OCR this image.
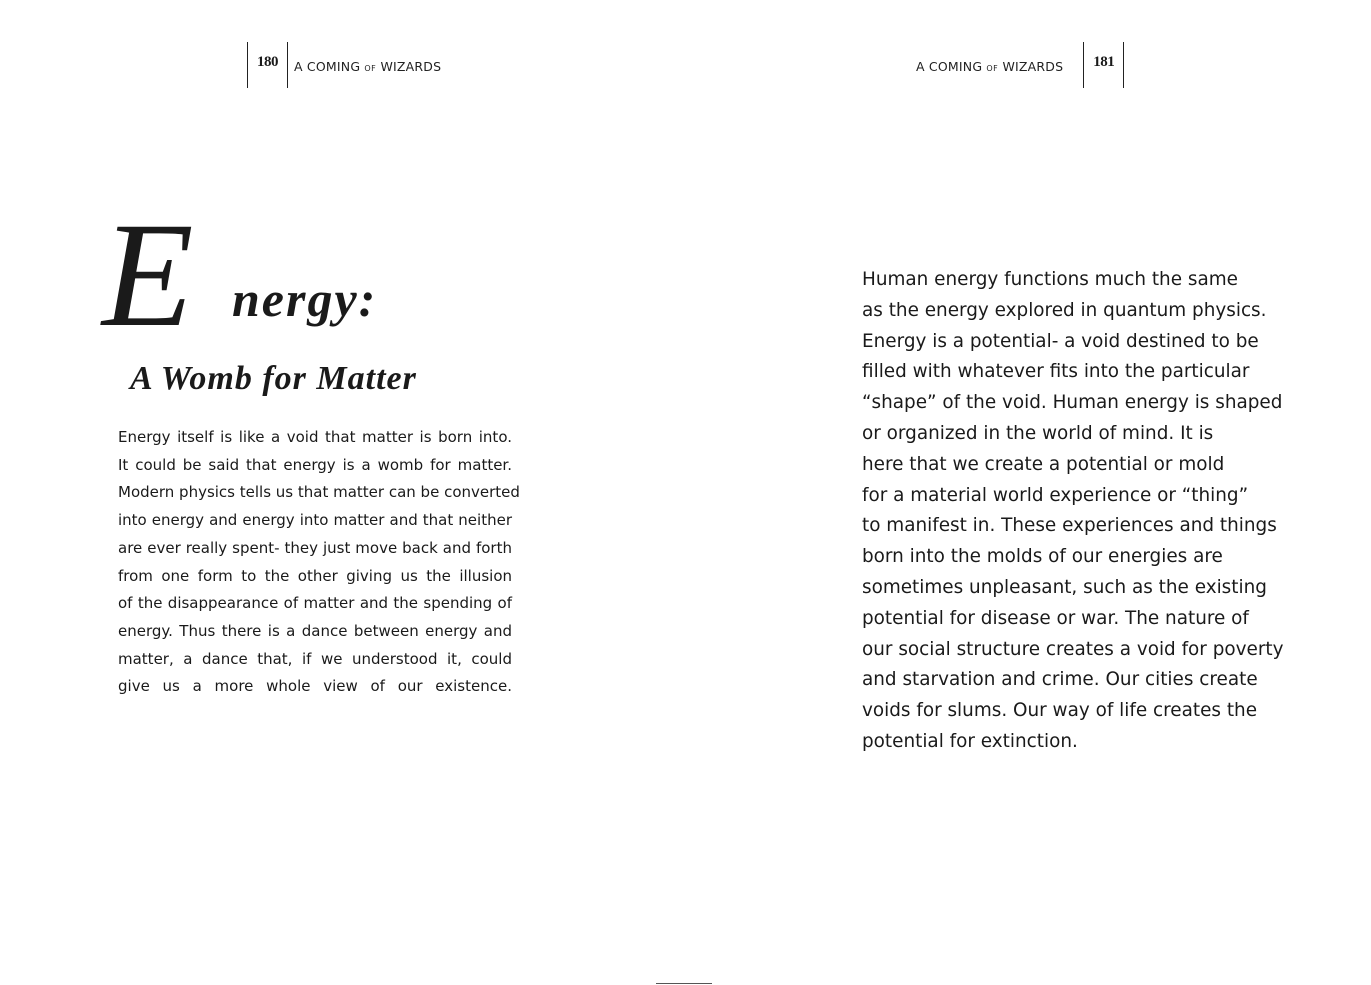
180	A COMING OF WIZARDS
E nergy:
A Womb for Matter

Energy itself is like a void that matter is born into.
It could be said that energy is a womb for matter.
Modern physics tells us that matter can be converted
into energy and energy into matter and that neither
are ever really spent- they just move back and forth
from one form to the other giving us the illusion
of the disappearance of matter and the spending of
energy. Thus there is a dance between energy and
matter, a dance that, if we understood it, could
give us a more whole view of our existence.

A COMING OF WIZARDS	181

Human energy functions much the same
as the energy explored in quantum physics.
Energy is a potential- a void destined to be
filled with whatever fits into the particular
“shape” of the void. Human energy is shaped
or organized in the world of mind. It is
here that we create a potential or mold
for a material world experience or “thing”
to manifest in. These experiences and things
born into the molds of our energies are
sometimes unpleasant, such as the existing
potential for disease or war. The nature of
our social structure creates a void for poverty
and starvation and crime. Our cities create
voids for slums. Our way of life creates the
potential for extinction.
